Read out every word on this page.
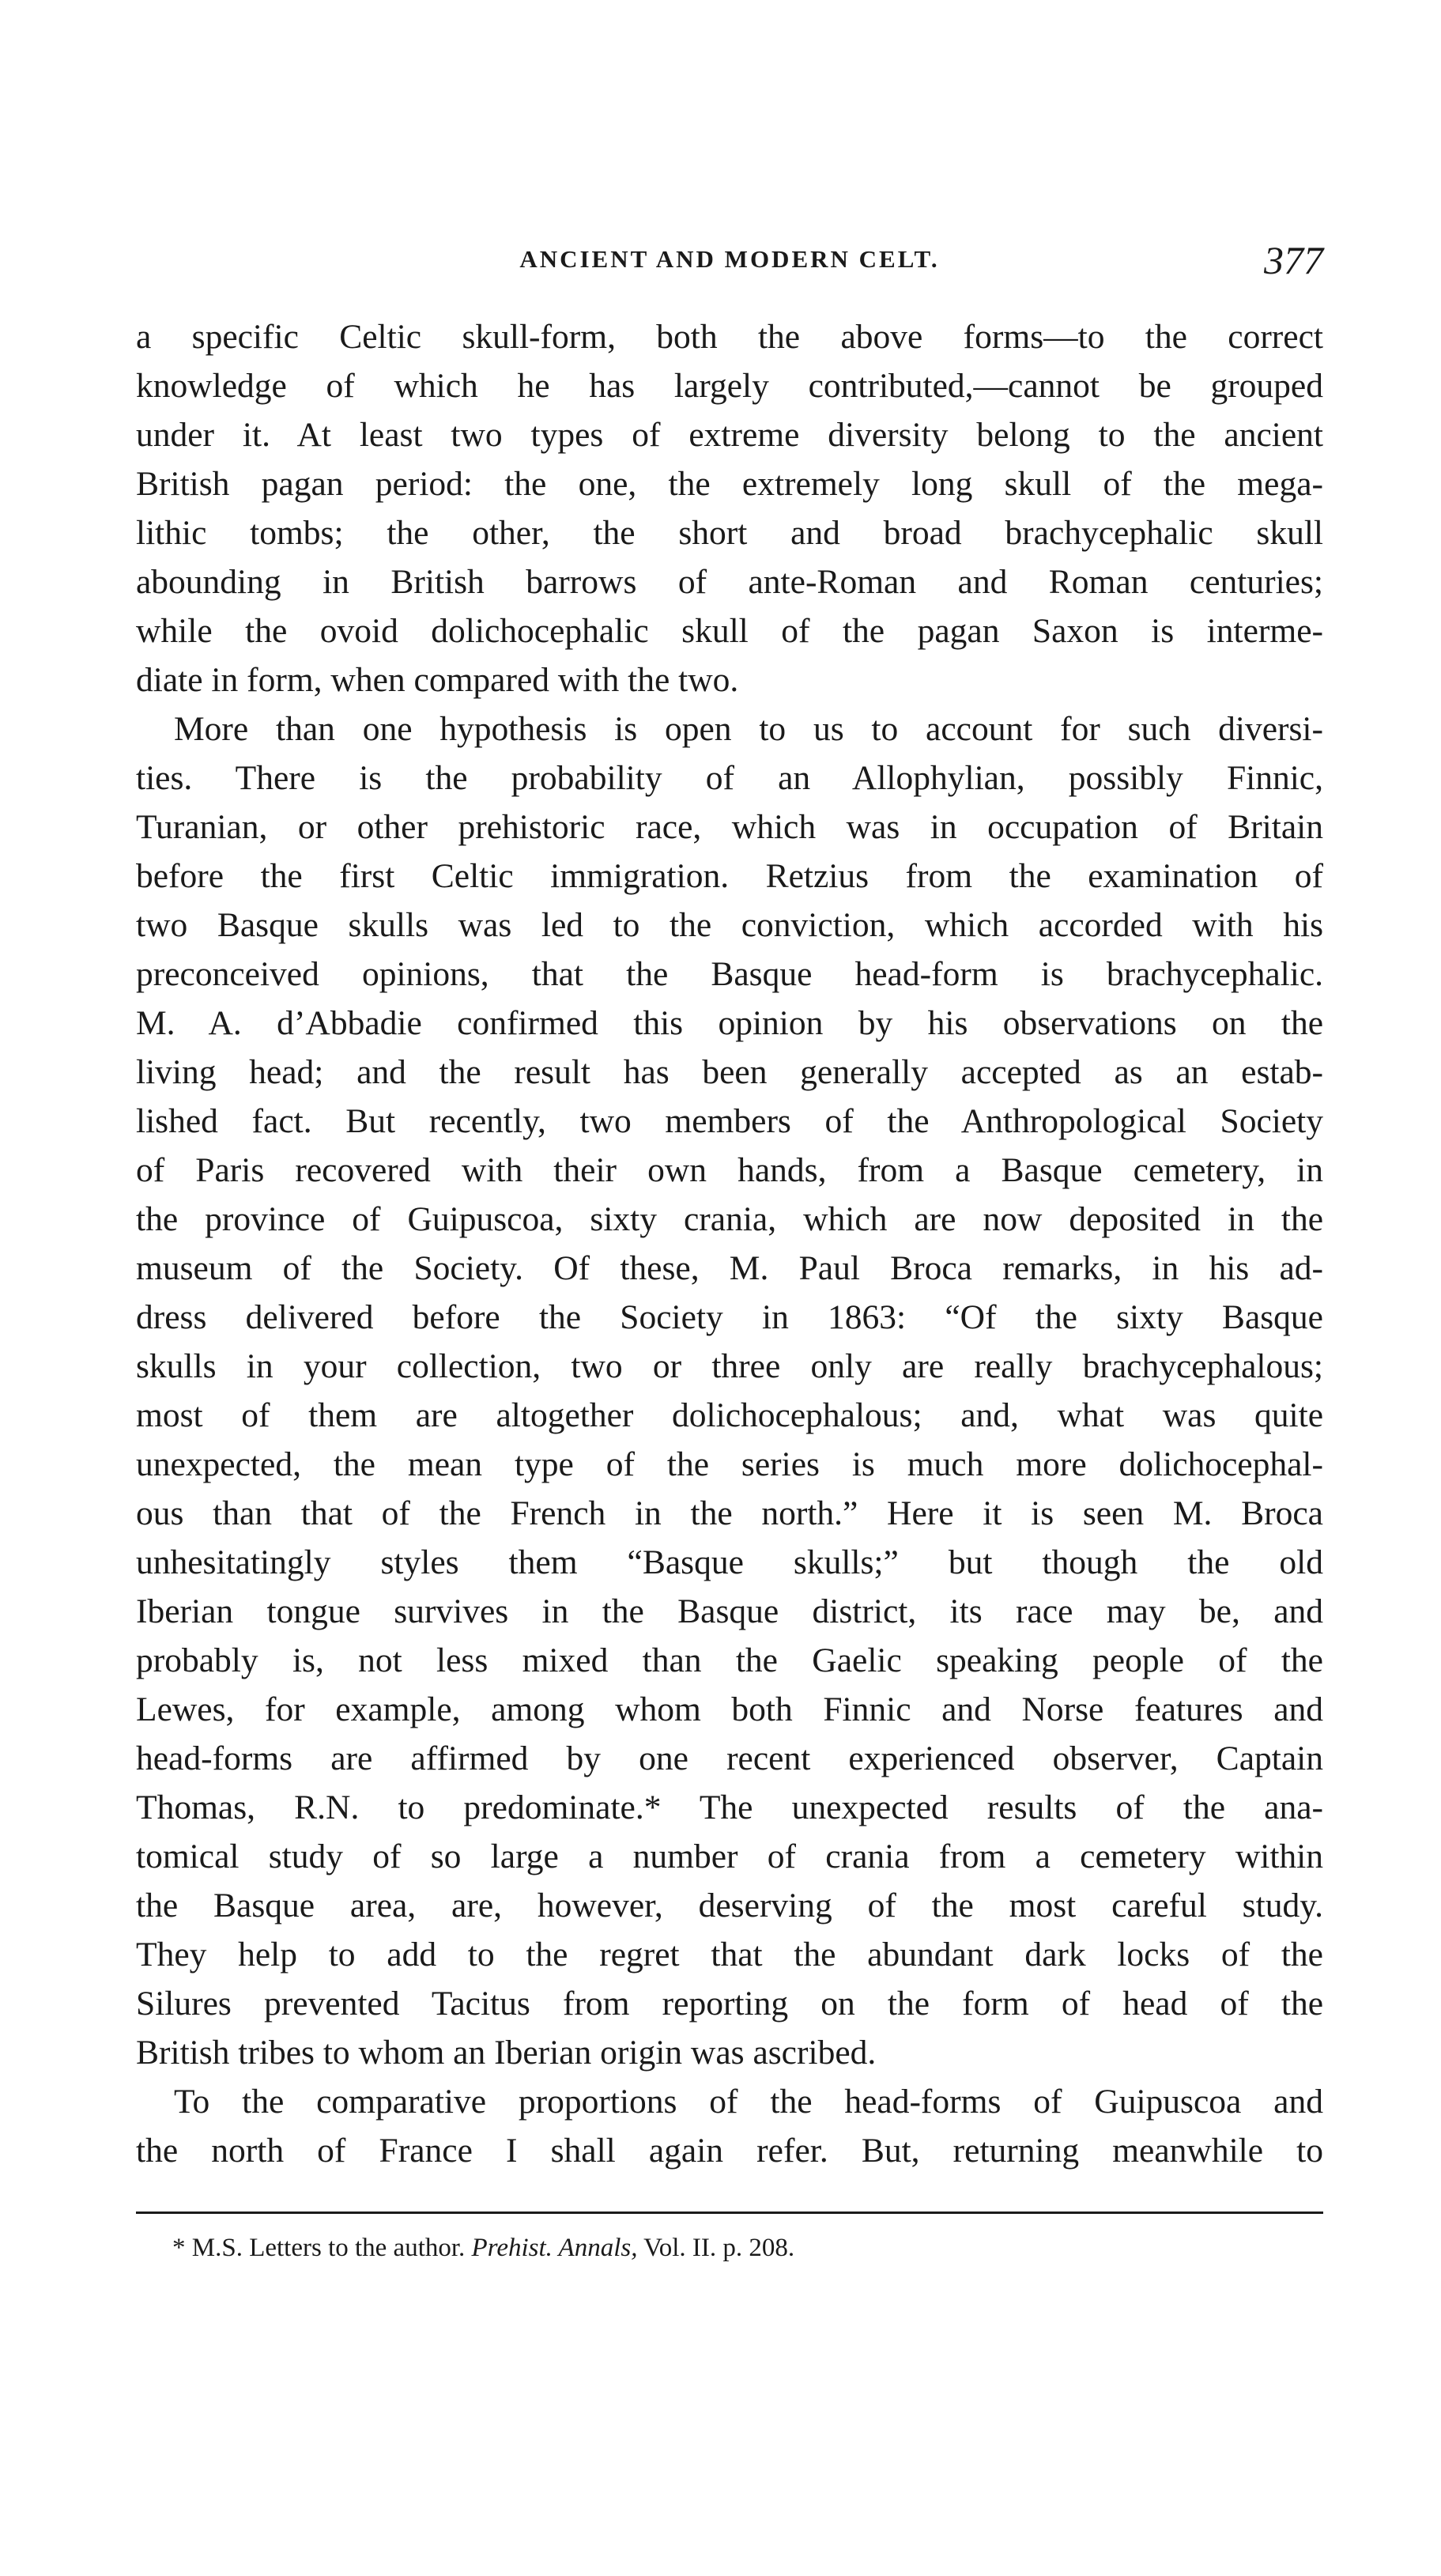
ANCIENT AND MODERN CELT.	377
a specific Celtic skull-form, both the above forms—to the correct
knowledge of which he has largely contributed,—cannot be grouped
under it. At least two types of extreme diversity belong to the ancient
British pagan period: the one, the extremely long skull of the mega-
lithic tombs; the other, the short and broad brachycephalic skull
abounding in British barrows of ante-Roman and Roman centuries;
while the ovoid dolichocephalic skull of the pagan Saxon is interme-
diate in form, when compared with the two.
More than one hypothesis is open to us to account for such diversi-
ties. There is the probability of an Allophylian, possibly Finnic,
Turanian, or other prehistoric race, which was in occupation of Britain
before the first Celtic immigration. Retzius from the examination of
two Basque skulls was led to the conviction, which accorded with his
preconceived opinions, that the Basque head-form is brachycephalic.
M. A. d’Abbadie confirmed this opinion by his observations on the
living head; and the result has been generally accepted as an estab-
lished fact. But recently, two members of the Anthropological Society
of Paris recovered with their own hands, from a Basque cemetery, in
the province of Guipuscoa, sixty crania, which are now deposited in the
museum of the Society. Of these, M. Paul Broca remarks, in his ad-
dress delivered before the Society in 1863: “Of the sixty Basque
skulls in your collection, two or three only are really brachycephalous;
most of them are altogether dolichocephalous; and, what was quite
unexpected, the mean type of the series is much more dolichocephal-
ous than that of the French in the north.” Here it is seen M. Broca
unhesitatingly styles them “Basque skulls;” but though the old
Iberian tongue survives in the Basque district, its race may be, and
probably is, not less mixed than the Gaelic speaking people of the
Lewes, for example, among whom both Finnic and Norse features and
head-forms are affirmed by one recent experienced observer, Captain
Thomas, R.N. to predominate.* The unexpected results of the ana-
tomical study of so large a number of crania from a cemetery within
the Basque area, are, however, deserving of the most careful study.
They help to add to the regret that the abundant dark locks of the
Silures prevented Tacitus from reporting on the form of head of the
British tribes to whom an Iberian origin was ascribed.
To the comparative proportions of the head-forms of Guipuscoa and
the north of France I shall again refer. But, returning meanwhile to
* M.S. Letters to the author. Prehist. Annals, Vol. II. p. 208.
